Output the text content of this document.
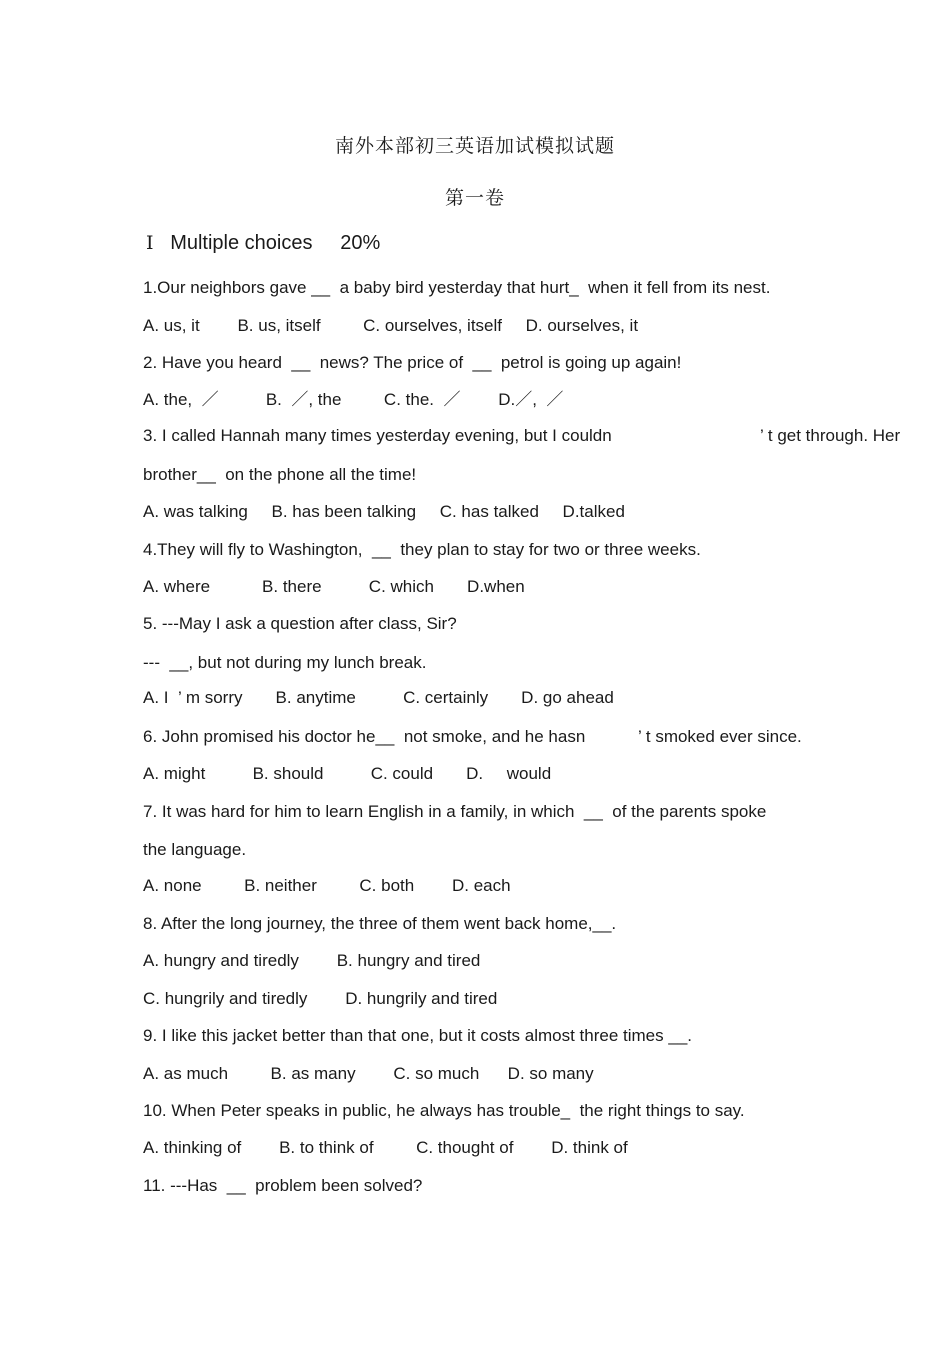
南外本部初三英语加试模拟试题
第一卷
Ⅰ Multiple choices 20%
1.Our neighbors gave __  a baby bird yesterday that hurt_  when it fell from its nest.
A. us, it        B. us, itself         C. ourselves, itself     D. ourselves, it
2. Have you heard  __  news? The price of  __  petrol is going up again!
A. the,  ／          B.  ／, the         C. the.  ／        D.／,  ／
3. I called Hannah many times yesterday evening, but I couldn	’ t get through. Her
brother__  on the phone all the time!
A. was talking     B. has been talking     C. has talked     D.talked
4.They will fly to Washington,  __  they plan to stay for two or three weeks.
A. where           B. there          C. which       D.when
5. ---May I ask a question after class, Sir?
---  __, but not during my lunch break.
A. I  ’ m sorry       B. anytime          C. certainly       D. go ahead
6. John promised his doctor he__  not smoke, and he hasn	’ t smoked ever since.
A. might          B. should          C. could       D.     would
7. It was hard for him to learn English in a family, in which  __  of the parents spoke
the language.
A. none         B. neither         C. both        D. each
8. After the long journey, the three of them went back home,__.
A. hungry and tiredly        B. hungry and tired
C. hungrily and tiredly        D. hungrily and tired
9. I like this jacket better than that one, but it costs almost three times __.
A. as much         B. as many        C. so much      D. so many
10. When Peter speaks in public, he always has trouble_  the right things to say.
A. thinking of        B. to think of         C. thought of        D. think of
11. ---Has  __  problem been solved?
